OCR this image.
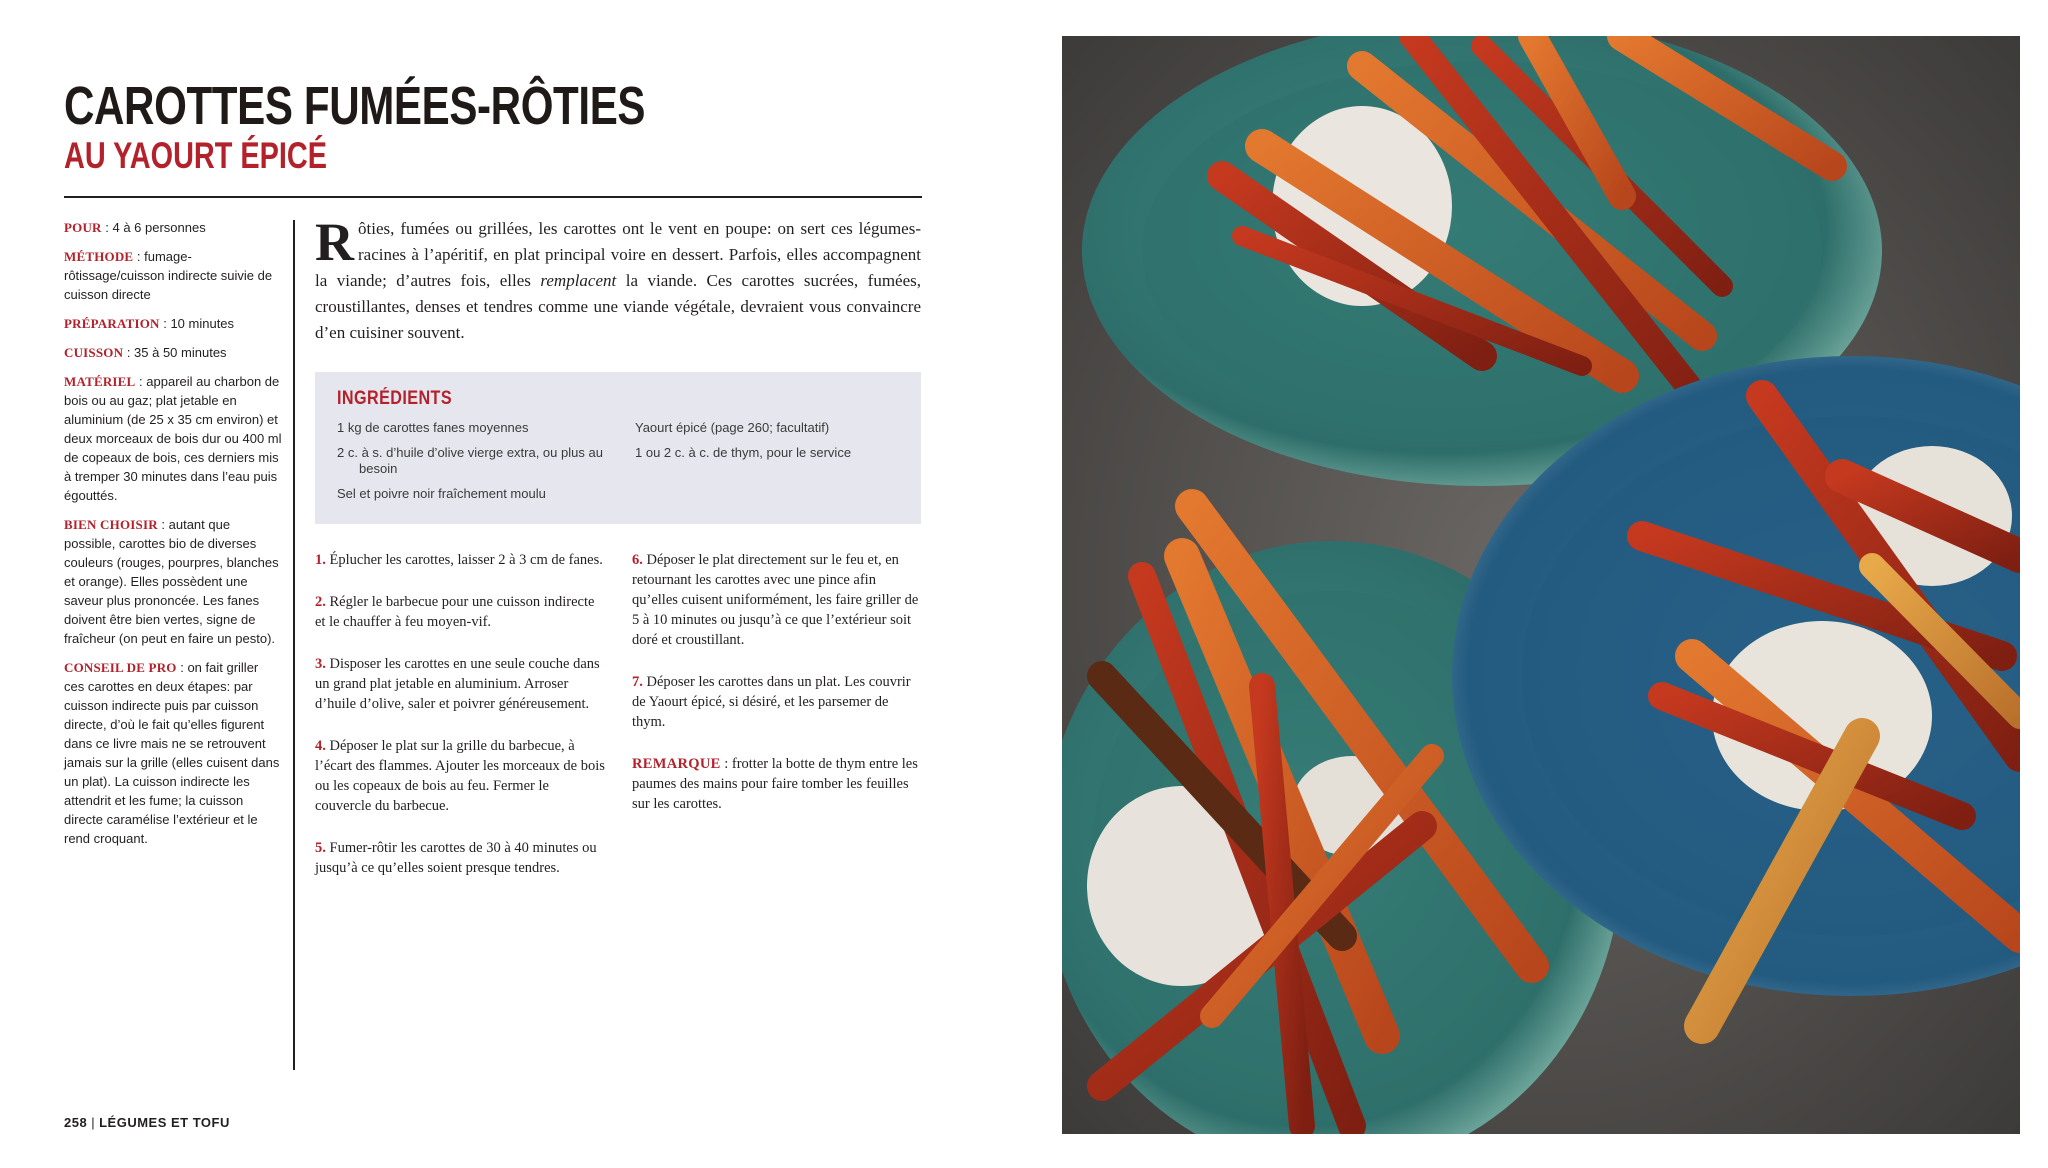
CAROTTES FUMÉES-RÔTIES
AU YAOURT ÉPICÉ

POUR : 4 à 6 personnes

MÉTHODE : fumage-rôtissage/cuisson indirecte suivie de cuisson directe

PRÉPARATION : 10 minutes

CUISSON : 35 à 50 minutes

MATÉRIEL : appareil au charbon de bois ou au gaz; plat jetable en aluminium (de 25 x 35 cm environ) et deux morceaux de bois dur ou 400 ml de copeaux de bois, ces derniers mis à tremper 30 minutes dans l’eau puis égouttés.

BIEN CHOISIR : autant que possible, carottes bio de diverses couleurs (rouges, pourpres, blanches et orange). Elles possèdent une saveur plus prononcée. Les fanes doivent être bien vertes, signe de fraîcheur (on peut en faire un pesto).

CONSEIL DE PRO : on fait griller ces carottes en deux étapes: par cuisson indirecte puis par cuisson directe, d’où le fait qu’elles figurent dans ce livre mais ne se retrouvent jamais sur la grille (elles cuisent dans un plat). La cuisson indirecte les attendrit et les fume; la cuisson directe caramélise l’extérieur et le rend croquant.

Rôties, fumées ou grillées, les carottes ont le vent en poupe: on sert ces légumes-racines à l’apéritif, en plat principal voire en dessert. Parfois, elles accompagnent la viande; d’autres fois, elles remplacent la viande. Ces carottes sucrées, fumées, croustillantes, denses et tendres comme une viande végétale, devraient vous convaincre d’en cuisiner souvent.

INGRÉDIENTS
1 kg de carottes fanes moyennes
2 c. à s. d’huile d’olive vierge extra, ou plus au besoin
Sel et poivre noir fraîchement moulu
Yaourt épicé (page 260; facultatif)
1 ou 2 c. à c. de thym, pour le service

1. Éplucher les carottes, laisser 2 à 3 cm de fanes.

2. Régler le barbecue pour une cuisson indirecte et le chauffer à feu moyen-vif.

3. Disposer les carottes en une seule couche dans un grand plat jetable en aluminium. Arroser d’huile d’olive, saler et poivrer généreusement.

4. Déposer le plat sur la grille du barbecue, à l’écart des flammes. Ajouter les morceaux de bois ou les copeaux de bois au feu. Fermer le couvercle du barbecue.

5. Fumer-rôtir les carottes de 30 à 40 minutes ou jusqu’à ce qu’elles soient presque tendres.

6. Déposer le plat directement sur le feu et, en retournant les carottes avec une pince afin qu’elles cuisent uniformément, les faire griller de 5 à 10 minutes ou jusqu’à ce que l’extérieur soit doré et croustillant.

7. Déposer les carottes dans un plat. Les couvrir de Yaourt épicé, si désiré, et les parsemer de thym.

REMARQUE : frotter la botte de thym entre les paumes des mains pour faire tomber les feuilles sur les carottes.

258 | LÉGUMES ET TOFU
